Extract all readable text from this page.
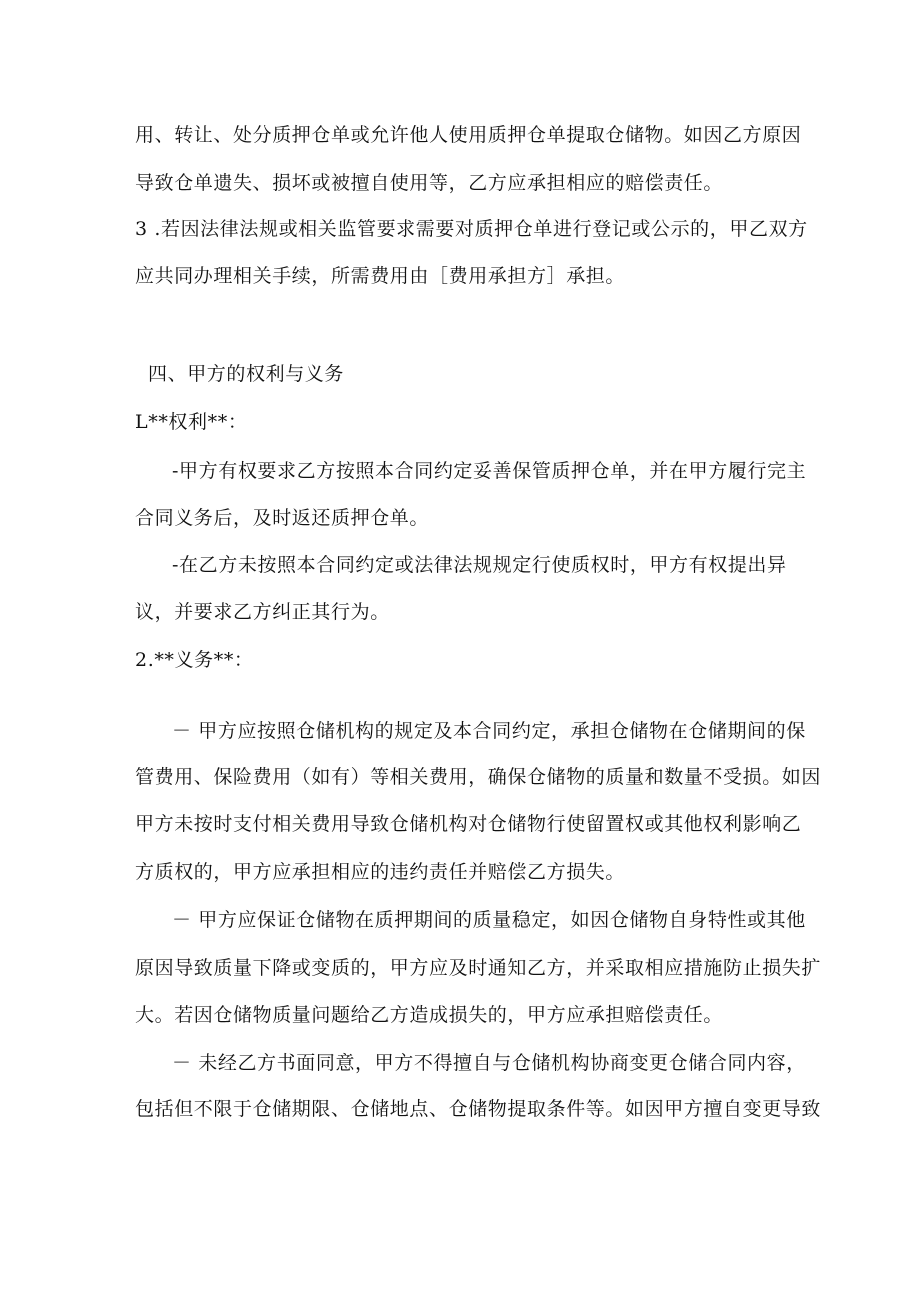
用、转让、处分质押仓单或允许他人使用质押仓单提取仓储物。如因乙方原因
导致仓单遗失、损坏或被擅自使用等，乙方应承担相应的赔偿责任。
3 .若因法律法规或相关监管要求需要对质押仓单进行登记或公示的，甲乙双方
应共同办理相关手续，所需费用由［费用承担方］承担。
四、甲方的权利与义务
L**权利**：
-甲方有权要求乙方按照本合同约定妥善保管质押仓单，并在甲方履行完主
合同义务后，及时返还质押仓单。
-在乙方未按照本合同约定或法律法规规定行使质权时，甲方有权提出异
议，并要求乙方纠正其行为。
2.**义务**：
－ 甲方应按照仓储机构的规定及本合同约定，承担仓储物在仓储期间的保
管费用、保险费用（如有）等相关费用，确保仓储物的质量和数量不受损。如因
甲方未按时支付相关费用导致仓储机构对仓储物行使留置权或其他权利影响乙
方质权的，甲方应承担相应的违约责任并赔偿乙方损失。
－ 甲方应保证仓储物在质押期间的质量稳定，如因仓储物自身特性或其他
原因导致质量下降或变质的，甲方应及时通知乙方，并采取相应措施防止损失扩
大。若因仓储物质量问题给乙方造成损失的，甲方应承担赔偿责任。
－ 未经乙方书面同意，甲方不得擅自与仓储机构协商变更仓储合同内容，
包括但不限于仓储期限、仓储地点、仓储物提取条件等。如因甲方擅自变更导致
